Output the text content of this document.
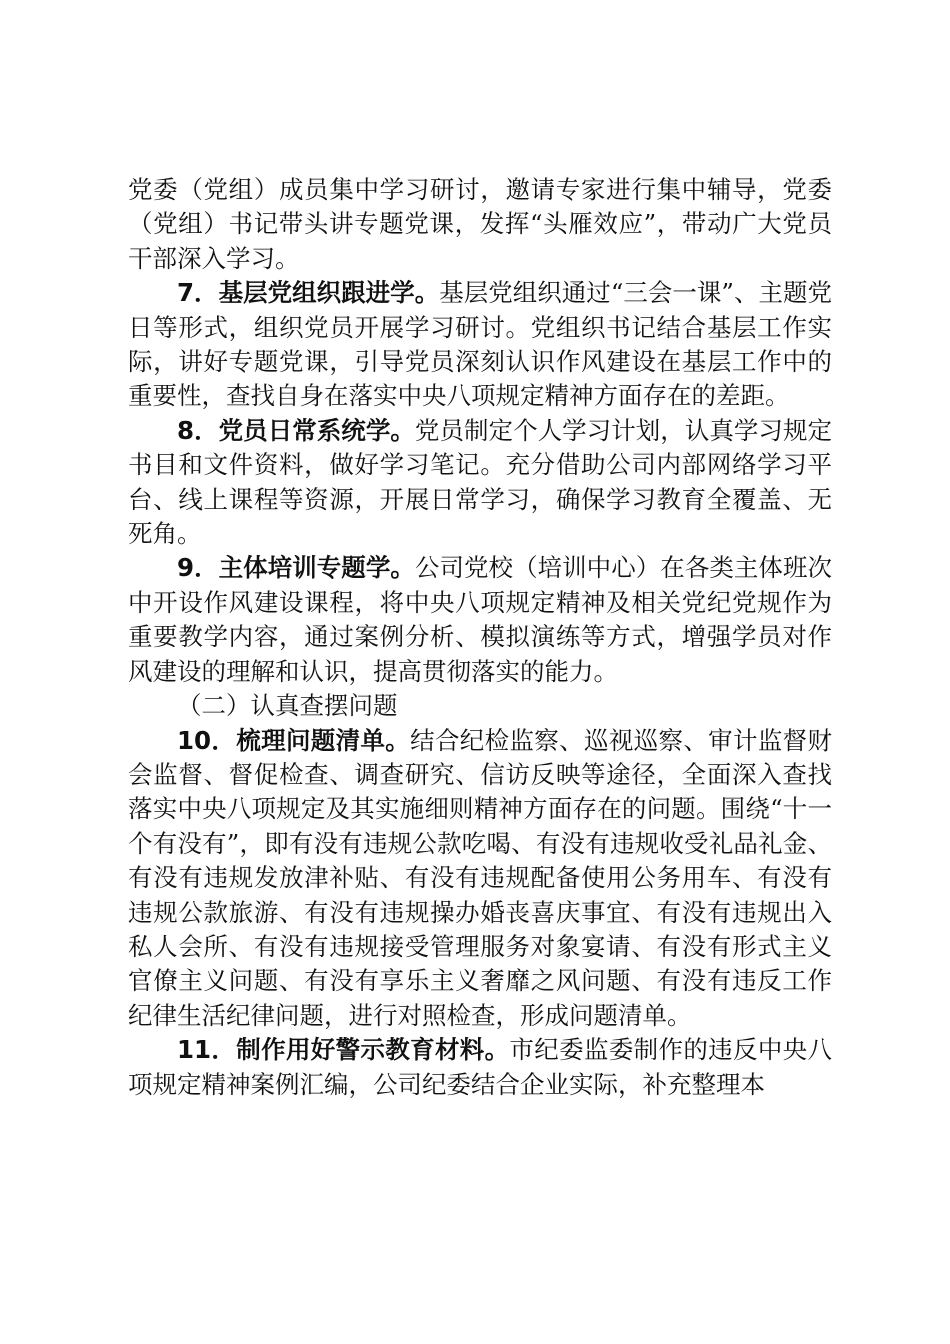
党委（党组）成员集中学习研讨，邀请专家进行集中辅导，党委（党组）书记带头讲专题党课，发挥“头雁效应”，带动广大党员干部深入学习。

7．基层党组织跟进学。基层党组织通过“三会一课”、主题党日等形式，组织党员开展学习研讨。党组织书记结合基层工作实际，讲好专题党课，引导党员深刻认识作风建设在基层工作中的重要性，查找自身在落实中央八项规定精神方面存在的差距。

8．党员日常系统学。党员制定个人学习计划，认真学习规定书目和文件资料，做好学习笔记。充分借助公司内部网络学习平台、线上课程等资源，开展日常学习，确保学习教育全覆盖、无死角。

9．主体培训专题学。公司党校（培训中心）在各类主体班次中开设作风建设课程，将中央八项规定精神及相关党纪党规作为重要教学内容，通过案例分析、模拟演练等方式，增强学员对作风建设的理解和认识，提高贯彻落实的能力。

（二）认真查摆问题

10．梳理问题清单。结合纪检监察、巡视巡察、审计监督财会监督、督促检查、调查研究、信访反映等途径，全面深入查找落实中央八项规定及其实施细则精神方面存在的问题。围绕“十一个有没有”，即有没有违规公款吃喝、有没有违规收受礼品礼金、有没有违规发放津补贴、有没有违规配备使用公务用车、有没有违规公款旅游、有没有违规操办婚丧喜庆事宜、有没有违规出入私人会所、有没有违规接受管理服务对象宴请、有没有形式主义官僚主义问题、有没有享乐主义奢靡之风问题、有没有违反工作纪律生活纪律问题，进行对照检查，形成问题清单。

11．制作用好警示教育材料。市纪委监委制作的违反中央八项规定精神案例汇编，公司纪委结合企业实际，补充整理本
